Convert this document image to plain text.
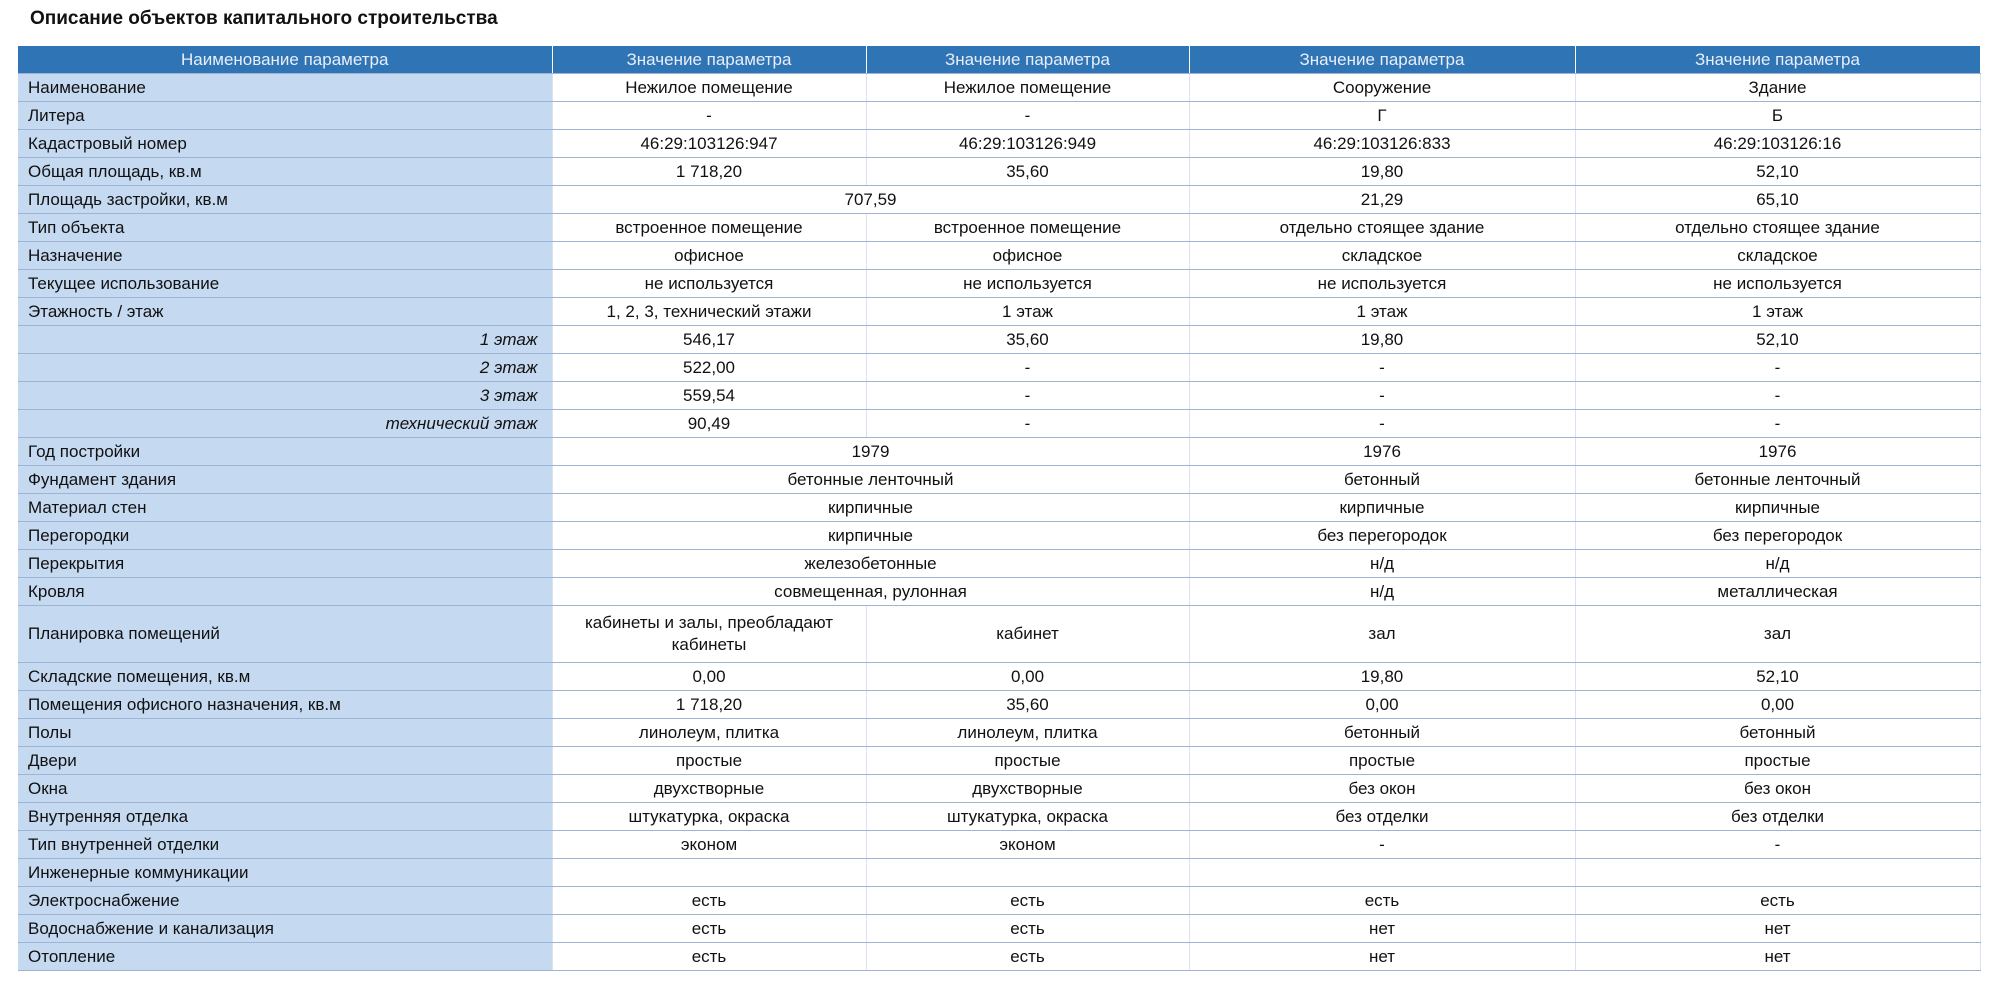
Описание объектов капитального строительства
Наименование параметра	Значение параметра	Значение параметра	Значение параметра	Значение параметра
Наименование	Нежилое помещение	Нежилое помещение	Сооружение	Здание
Литера	-	-	Г	Б
Кадастровый номер	46:29:103126:947	46:29:103126:949	46:29:103126:833	46:29:103126:16
Общая площадь, кв.м	1 718,20	35,60	19,80	52,10
Площадь застройки, кв.м	707,59		21,29	65,10
Тип объекта	встроенное помещение	встроенное помещение	отдельно стоящее здание	отдельно стоящее здание
Назначение	офисное	офисное	складское	складское
Текущее использование	не используется	не используется	не используется	не используется
Этажность / этаж	1, 2, 3, технический этажи	1 этаж	1 этаж	1 этаж
1 этаж	546,17	35,60	19,80	52,10
2 этаж	522,00	-	-	-
3 этаж	559,54	-	-	-
технический этаж	90,49	-	-	-
Год постройки	1979		1976	1976
Фундамент здания	бетонные ленточный		бетонный	бетонные ленточный
Материал стен	кирпичные		кирпичные	кирпичные
Перегородки	кирпичные		без перегородок	без перегородок
Перекрытия	железобетонные		н/д	н/д
Кровля	совмещенная, рулонная		н/д	металлическая
Планировка помещений	кабинеты и залы, преобладают кабинеты	кабинет	зал	зал
Складские помещения, кв.м	0,00	0,00	19,80	52,10
Помещения офисного назначения, кв.м	1 718,20	35,60	0,00	0,00
Полы	линолеум, плитка	линолеум, плитка	бетонный	бетонный
Двери	простые	простые	простые	простые
Окна	двухстворные	двухстворные	без окон	без окон
Внутренняя отделка	штукатурка, окраска	штукатурка, окраска	без отделки	без отделки
Тип внутренней отделки	эконом	эконом	-	-
Инженерные коммуникации				
Электроснабжение	есть	есть	есть	есть
Водоснабжение и канализация	есть	есть	нет	нет
Отопление	есть	есть	нет	нет
